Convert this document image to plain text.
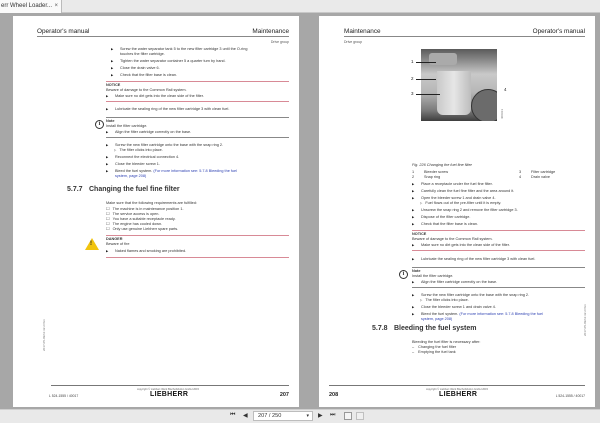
err Wheel Loader... ×
Operator's manual	Maintenance
Drive group
▶ Screw the water separator tank 5 to the new filter cartridge 3 until the O-ring
touches the filter cartridge.
▶ Tighten the water separator container 5 a quarter turn by hand.
▶ Close the drain valve 6.
▶ Check that the filter base is clean.
NOTICE
Beware of damage to the Common Rail system.
▶ Make sure no dirt gets into the clean side of the filter.
▶ Lubricate the sealing ring of the new filter cartridge 3 with clean fuel.
i	Note
Install the filter cartridge.
▶ Align the filter cartridge correctly on the base.
▶ Screw the new filter cartridge onto the base with the snap ring 2.
▷ The filter clicks into place.
▶ Reconnect the electrical connection 4.
▶ Close the bleeder screw 1.
▶ Bleed the fuel system. (For more information see: 5.7.8 Bleeding the fuel
system, page 208)
5.7.7 Changing the fuel fine filter
Make sure that the following requirements are fulfilled:
☐ The machine is in maintenance position 1.
☐ The service access is open.
☐ You have a suitable receptacle ready.
☐ The engine has cooled down.
☐ Only use genuine Liebherr spare parts.
!
DANGER
Beware of fire
▶ Naked flames and smoking are prohibited.
2017-05-09/11:32:27/en
copyright © Liebherr-Werk Bischofshofen GmbH 2015
LIEBHERR
L 524-1555 / 40017	207
Maintenance	Operator's manual
Drive group
1
2
3
4
400913
Fig. 226 Changing the fuel fine filter
1	Bleeder screw
2	Snap ring
3	Filter cartridge
4	Drain valve
▶ Place a receptacle under the fuel fine filter.
▶ Carefully clean the fuel fine filter and the area around it.
▶ Open the bleeder screw 1 and drain valve 4.
▷ Fuel flows out of the pre-filter until it is empty.
▶ Unscrew the snap ring 2 and remove the filter cartridge 3.
▶ Dispose of the filter cartridge.
▶ Check that the filter base is clean.
NOTICE
Beware of damage to the Common Rail system.
▶ Make sure no dirt gets into the clean side of the filter.
▶ Lubricate the sealing ring of the new filter cartridge 3 with clean fuel.
i	Note
Install the filter cartridge.
▶ Align the filter cartridge correctly on the base.
▶ Screw the new filter cartridge onto the base with the snap ring 2.
▷ The filter clicks into place.
▶ Close the bleeder screw 1 and drain valve 4.
▶ Bleed the fuel system. (For more information see: 5.7.8 Bleeding the fuel
system, page 208)
5.7.8 Bleeding the fuel system
Bleeding the fuel filter is necessary after:
– Changing the fuel filter
– Emptying the fuel tank
2017-05-09/11:32:27/en
208
copyright © Liebherr-Werk Bischofshofen GmbH 2015
LIEBHERR	L 524-1555 / 40017
⏮ ◀	207 / 250	▾ ▶ ⏭
